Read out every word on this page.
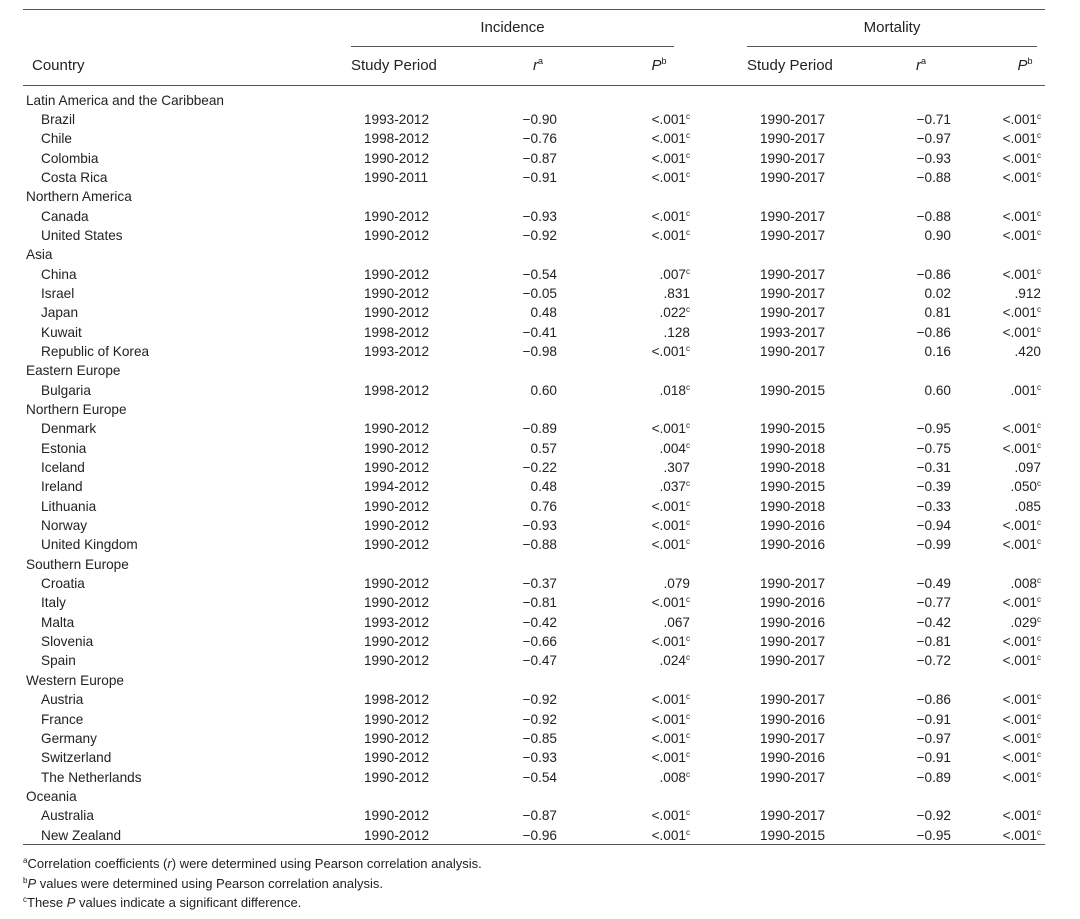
Incidence	Mortality
Country	Study Period	$r^a$	$P^b$	Study Period	$r^a$	$P^b$
Latin America and the Caribbean
Brazil	1993-2012	−0.90	<.001$^c$	1990-2017	−0.71	<.001$^c$
Chile	1998-2012	−0.76	<.001$^c$	1990-2017	−0.97	<.001$^c$
Colombia	1990-2012	−0.87	<.001$^c$	1990-2017	−0.93	<.001$^c$
Costa Rica	1990-2011	−0.91	<.001$^c$	1990-2017	−0.88	<.001$^c$
Northern America
Canada	1990-2012	−0.93	<.001$^c$	1990-2017	−0.88	<.001$^c$
United States	1990-2012	−0.92	<.001$^c$	1990-2017	0.90	<.001$^c$
Asia
China	1990-2012	−0.54	.007$^c$	1990-2017	−0.86	<.001$^c$
Israel	1990-2012	−0.05	.831	1990-2017	0.02	.912
Japan	1990-2012	0.48	.022$^c$	1990-2017	0.81	<.001$^c$
Kuwait	1998-2012	−0.41	.128	1993-2017	−0.86	<.001$^c$
Republic of Korea	1993-2012	−0.98	<.001$^c$	1990-2017	0.16	.420
Eastern Europe
Bulgaria	1998-2012	0.60	.018$^c$	1990-2015	0.60	.001$^c$
Northern Europe
Denmark	1990-2012	−0.89	<.001$^c$	1990-2015	−0.95	<.001$^c$
Estonia	1990-2012	0.57	.004$^c$	1990-2018	−0.75	<.001$^c$
Iceland	1990-2012	−0.22	.307	1990-2018	−0.31	.097
Ireland	1994-2012	0.48	.037$^c$	1990-2015	−0.39	.050$^c$
Lithuania	1990-2012	0.76	<.001$^c$	1990-2018	−0.33	.085
Norway	1990-2012	−0.93	<.001$^c$	1990-2016	−0.94	<.001$^c$
United Kingdom	1990-2012	−0.88	<.001$^c$	1990-2016	−0.99	<.001$^c$
Southern Europe
Croatia	1990-2012	−0.37	.079	1990-2017	−0.49	.008$^c$
Italy	1990-2012	−0.81	<.001$^c$	1990-2016	−0.77	<.001$^c$
Malta	1993-2012	−0.42	.067	1990-2016	−0.42	.029$^c$
Slovenia	1990-2012	−0.66	<.001$^c$	1990-2017	−0.81	<.001$^c$
Spain	1990-2012	−0.47	.024$^c$	1990-2017	−0.72	<.001$^c$
Western Europe
Austria	1998-2012	−0.92	<.001$^c$	1990-2017	−0.86	<.001$^c$
France	1990-2012	−0.92	<.001$^c$	1990-2016	−0.91	<.001$^c$
Germany	1990-2012	−0.85	<.001$^c$	1990-2017	−0.97	<.001$^c$
Switzerland	1990-2012	−0.93	<.001$^c$	1990-2016	−0.91	<.001$^c$
The Netherlands	1990-2012	−0.54	.008$^c$	1990-2017	−0.89	<.001$^c$
Oceania
Australia	1990-2012	−0.87	<.001$^c$	1990-2017	−0.92	<.001$^c$
New Zealand	1990-2012	−0.96	<.001$^c$	1990-2015	−0.95	<.001$^c$
$^a$Correlation coefficients (r) were determined using Pearson correlation analysis.
$^b$P values were determined using Pearson correlation analysis.
$^c$These P values indicate a significant difference.
